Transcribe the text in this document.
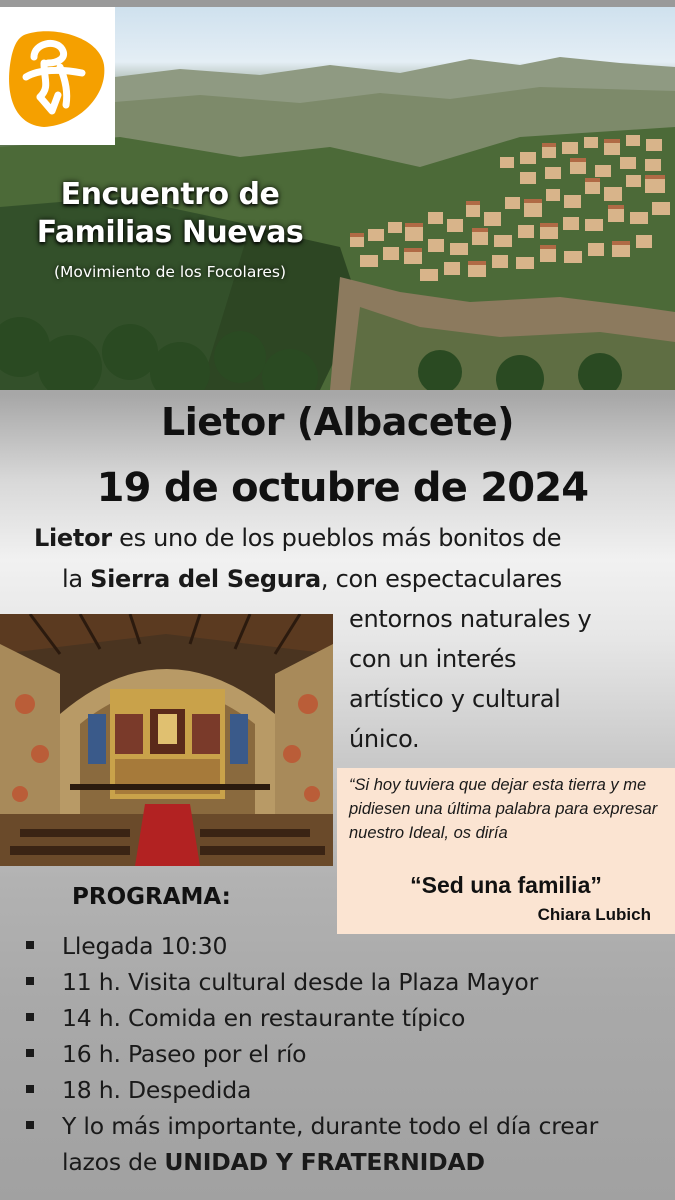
Encuentro de
Familias Nuevas
(Movimiento de los Focolares)
Lietor (Albacete)
19 de octubre de 2024
Lietor es uno de los pueblos más bonitos de
la Sierra del Segura, con espectaculares
entornos naturales y
con un interés
artístico y cultural
único.
“Si hoy tuviera que dejar esta tierra y me pidiesen una última palabra para expresar nuestro Ideal, os diría
“Sed una familia”
Chiara Lubich
PROGRAMA:
Llegada 10:30
11 h. Visita cultural desde la Plaza Mayor
14 h. Comida en restaurante típico
16 h. Paseo por el río
18 h. Despedida
Y lo más importante, durante todo el día crear lazos de UNIDAD Y FRATERNIDAD
